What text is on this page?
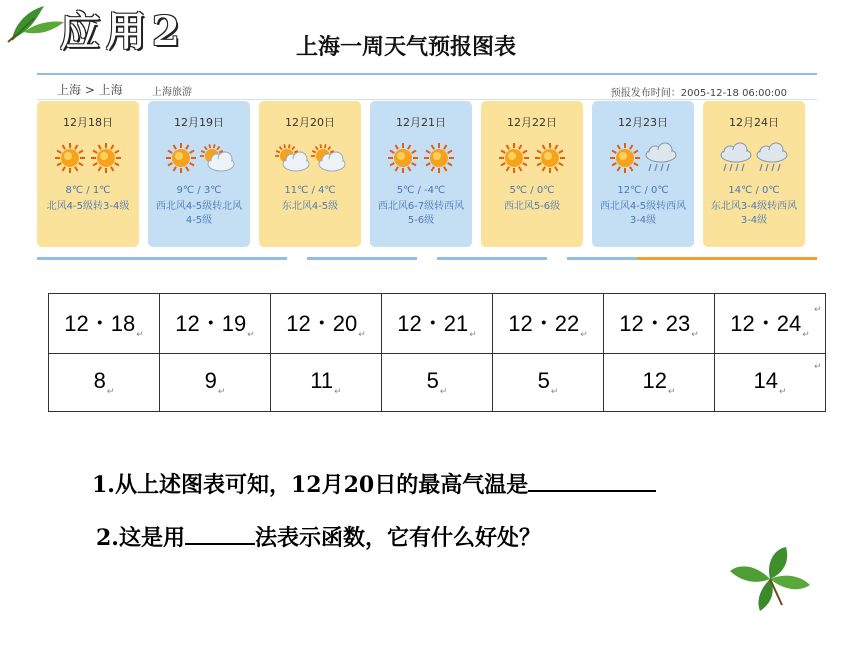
应用2	上海一周天气预报图表
上海 > 上海	上海旅游	预报发布时间：2005-12-18 06:00:00
12月18日
8℃ / 1℃
北风4-5级转3-4级
12月19日
9℃ / 3℃
西北风4-5级转北风4-5级
12月20日
11℃ / 4℃
东北风4-5级
12月21日
5℃ / -4℃
西北风6-7级转西风5-6级
12月22日
5℃ / 0℃
西北风5-6级
12月23日
12℃ / 0℃
西北风4-5级转西风3-4级
12月24日
14℃ / 0℃
东北风3-4级转西风3-4级
12・$18_↵$	12・$19_↵$	12・$20_↵$	12・$21_↵$	12・$22_↵$	12・$23_↵$	12・$24_↵$
$8_↵$	$9_↵$	$11_↵$	$5_↵$	$5_↵$	$12_↵$	$14_↵$
↵
↵
1.从上述图表可知，12月20日的最高气温是
2.这是用	法表示函数，它有什么好处？
